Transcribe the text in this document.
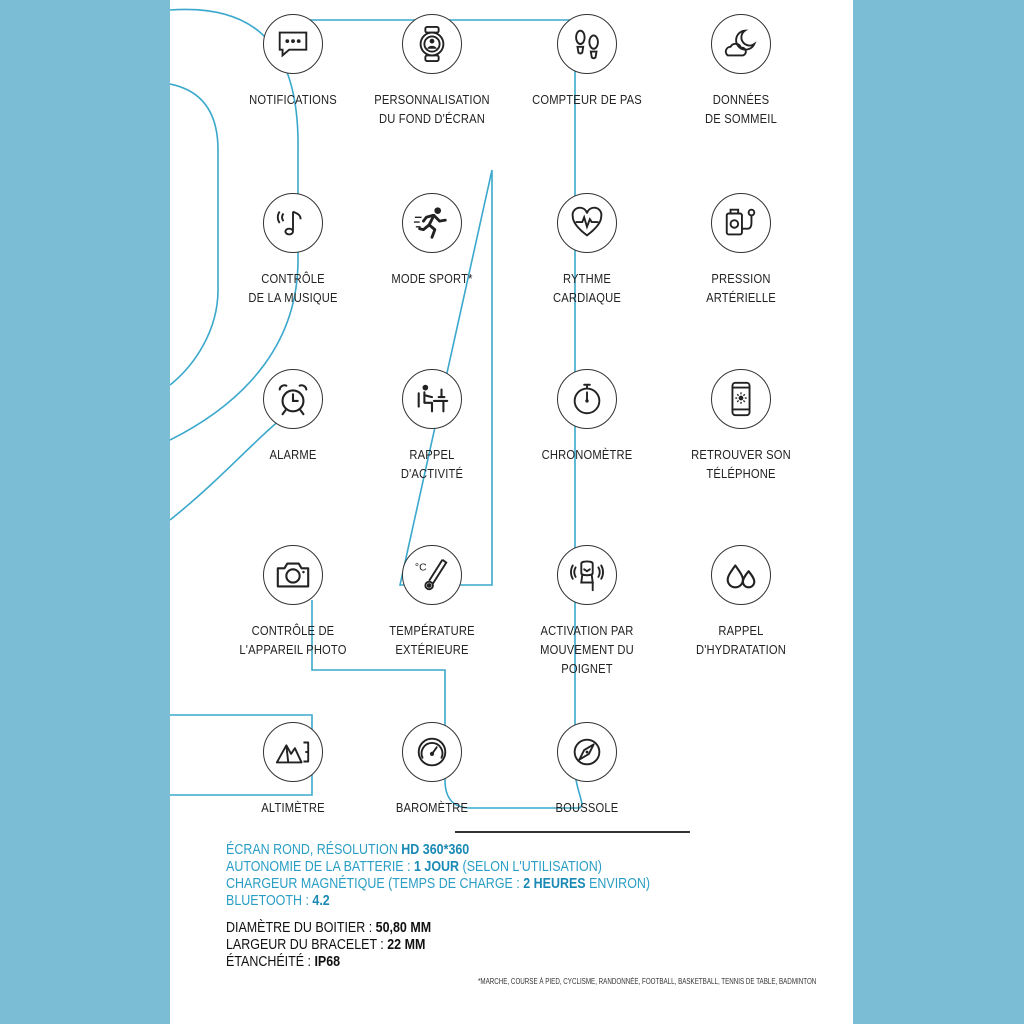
NOTIFICATIONS	PERSONNALISATION
DU FOND D'ÉCRAN
COMPTEUR DE PAS	DONNÉES
DE SOMMEIL
CONTRÔLE
DE LA MUSIQUE
MODE SPORT*	RYTHME
CARDIAQUE
PRESSION
ARTÉRIELLE
ALARME	RAPPEL
D'ACTIVITÉ
CHRONOMÈTRE	RETROUVER SON
TÉLÉPHONE
CONTRÔLE DE
L'APPAREIL PHOTO
°C
TEMPÉRATURE
EXTÉRIEURE
ACTIVATION PAR
MOUVEMENT DU
POIGNET
RAPPEL
D'HYDRATATION
ALTIMÈTRE	BAROMÈTRE	BOUSSOLE
ÉCRAN ROND, RÉSOLUTION HD 360*360
AUTONOMIE DE LA BATTERIE : 1 JOUR (SELON L'UTILISATION)
CHARGEUR MAGNÉTIQUE (TEMPS DE CHARGE : 2 HEURES ENVIRON)
BLUETOOTH : 4.2
DIAMÈTRE DU BOITIER : 50,80 MM
LARGEUR DU BRACELET : 22 MM
ÉTANCHÉITÉ : IP68
*MARCHE, COURSE À PIED, CYCLISME, RANDONNÉE, FOOTBALL, BASKETBALL, TENNIS DE TABLE, BADMINTON
